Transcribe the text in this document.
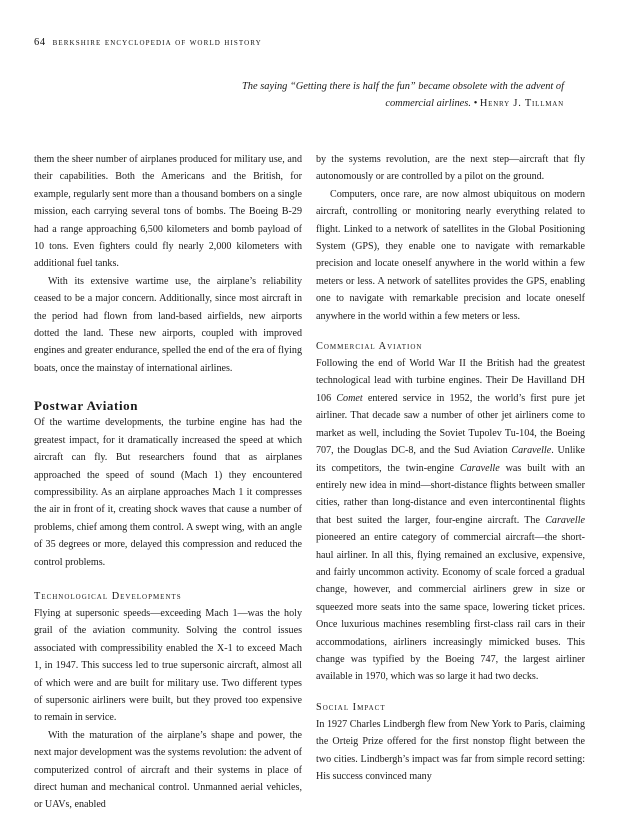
64 berkshire encyclopedia of world history
The saying “Getting there is half the fun” became obsolete with the advent of commercial airlines. • Henry J. Tillman

them the sheer number of airplanes produced for military use, and their capabilities. Both the Americans and the British, for example, regularly sent more than a thousand bombers on a single mission, each carrying several tons of bombs. The Boeing B-29 had a range approaching 6,500 kilometers and bomb payload of 10 tons. Even fighters could fly nearly 2,000 kilometers with additional fuel tanks.

With its extensive wartime use, the airplane’s reliability ceased to be a major concern. Additionally, since most aircraft in the period had flown from land-based airfields, new airports dotted the land. These new airports, coupled with improved engines and greater endurance, spelled the end of the era of flying boats, once the mainstay of international airlines.

Postwar Aviation

Of the wartime developments, the turbine engine has had the greatest impact, for it dramatically increased the speed at which aircraft can fly. But researchers found that as airplanes approached the speed of sound (Mach 1) they encountered compressibility. As an airplane approaches Mach 1 it compresses the air in front of it, creating shock waves that cause a number of problems, chief among them control. A swept wing, with an angle of 35 degrees or more, delayed this compression and reduced the control problems.

Technological Developments

Flying at supersonic speeds—exceeding Mach 1—was the holy grail of the aviation community. Solving the control issues associated with compressibility enabled the X-1 to exceed Mach 1, in 1947. This success led to true supersonic aircraft, almost all of which were and are built for military use. Two different types of supersonic airliners were built, but they proved too expensive to remain in service.

With the maturation of the airplane’s shape and power, the next major development was the systems revolution: the advent of computerized control of aircraft and their systems in place of direct human and mechanical control. Unmanned aerial vehicles, or UAVs, enabled

by the systems revolution, are the next step—aircraft that fly autonomously or are controlled by a pilot on the ground.

Computers, once rare, are now almost ubiquitous on modern aircraft, controlling or monitoring nearly everything related to flight. Linked to a network of satellites in the Global Positioning System (GPS), they enable one to navigate with remarkable precision and locate oneself anywhere in the world within a few meters or less. A network of satellites provides the GPS, enabling one to navigate with remarkable precision and locate oneself anywhere in the world within a few meters or less.

Commercial Aviation

Following the end of World War II the British had the greatest technological lead with turbine engines. Their De Havilland DH 106 Comet entered service in 1952, the world’s first pure jet airliner. That decade saw a number of other jet airliners come to market as well, including the Soviet Tupolev Tu-104, the Boeing 707, the Douglas DC-8, and the Sud Aviation Caravelle. Unlike its competitors, the twin-engine Caravelle was built with an entirely new idea in mind—short-distance flights between smaller cities, rather than long-distance and even intercontinental flights that best suited the larger, four-engine aircraft. The Caravelle pioneered an entire category of commercial aircraft—the short-haul airliner. In all this, flying remained an exclusive, expensive, and fairly uncommon activity. Economy of scale forced a gradual change, however, and commercial airliners grew in size or squeezed more seats into the same space, lowering ticket prices. Once luxurious machines resembling first-class rail cars in their accommodations, airliners increasingly mimicked buses. This change was typified by the Boeing 747, the largest airliner available in 1970, which was so large it had two decks.

Social Impact

In 1927 Charles Lindbergh flew from New York to Paris, claiming the Orteig Prize offered for the first nonstop flight between the two cities. Lindbergh’s impact was far from simple record setting: His success convinced many
